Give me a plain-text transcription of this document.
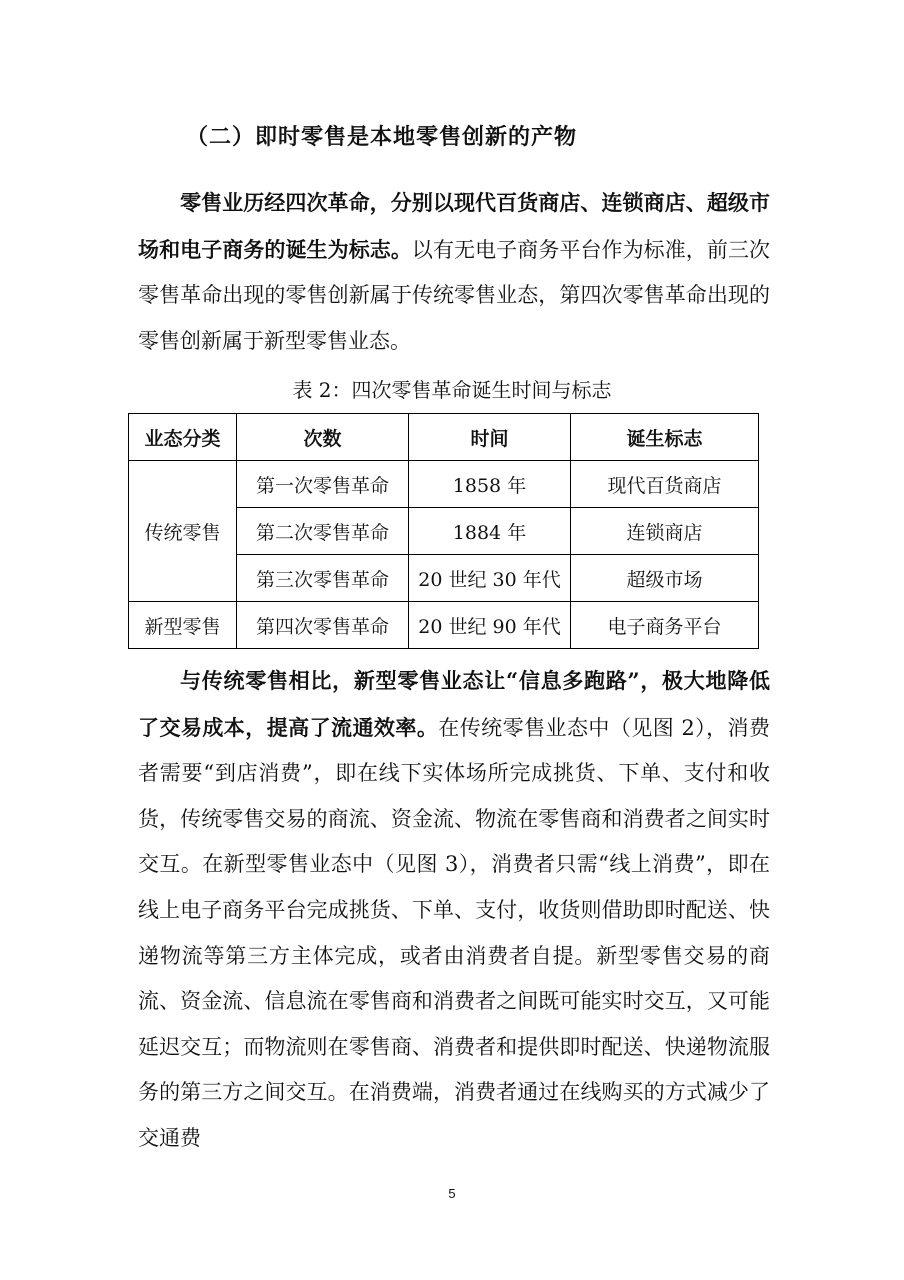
（二）即时零售是本地零售创新的产物

零售业历经四次革命，分别以现代百货商店、连锁商店、超级市场和电子商务的诞生为标志。以有无电子商务平台作为标准，前三次零售革命出现的零售创新属于传统零售业态，第四次零售革命出现的零售创新属于新型零售业态。

表 2：四次零售革命诞生时间与标志
业态分类	次数	时间	诞生标志
传统零售	第一次零售革命	1858 年	现代百货商店
	第二次零售革命	1884 年	连锁商店
	第三次零售革命	20 世纪 30 年代	超级市场
新型零售	第四次零售革命	20 世纪 90 年代	电子商务平台

与传统零售相比，新型零售业态让“信息多跑路”，极大地降低了交易成本，提高了流通效率。在传统零售业态中（见图 2），消费者需要“到店消费”，即在线下实体场所完成挑货、下单、支付和收货，传统零售交易的商流、资金流、物流在零售商和消费者之间实时交互。在新型零售业态中（见图 3），消费者只需“线上消费”，即在线上电子商务平台完成挑货、下单、支付，收货则借助即时配送、快递物流等第三方主体完成，或者由消费者自提。新型零售交易的商流、资金流、信息流在零售商和消费者之间既可能实时交互，又可能延迟交互；而物流则在零售商、消费者和提供即时配送、快递物流服务的第三方之间交互。在消费端，消费者通过在线购买的方式减少了交通费

5
